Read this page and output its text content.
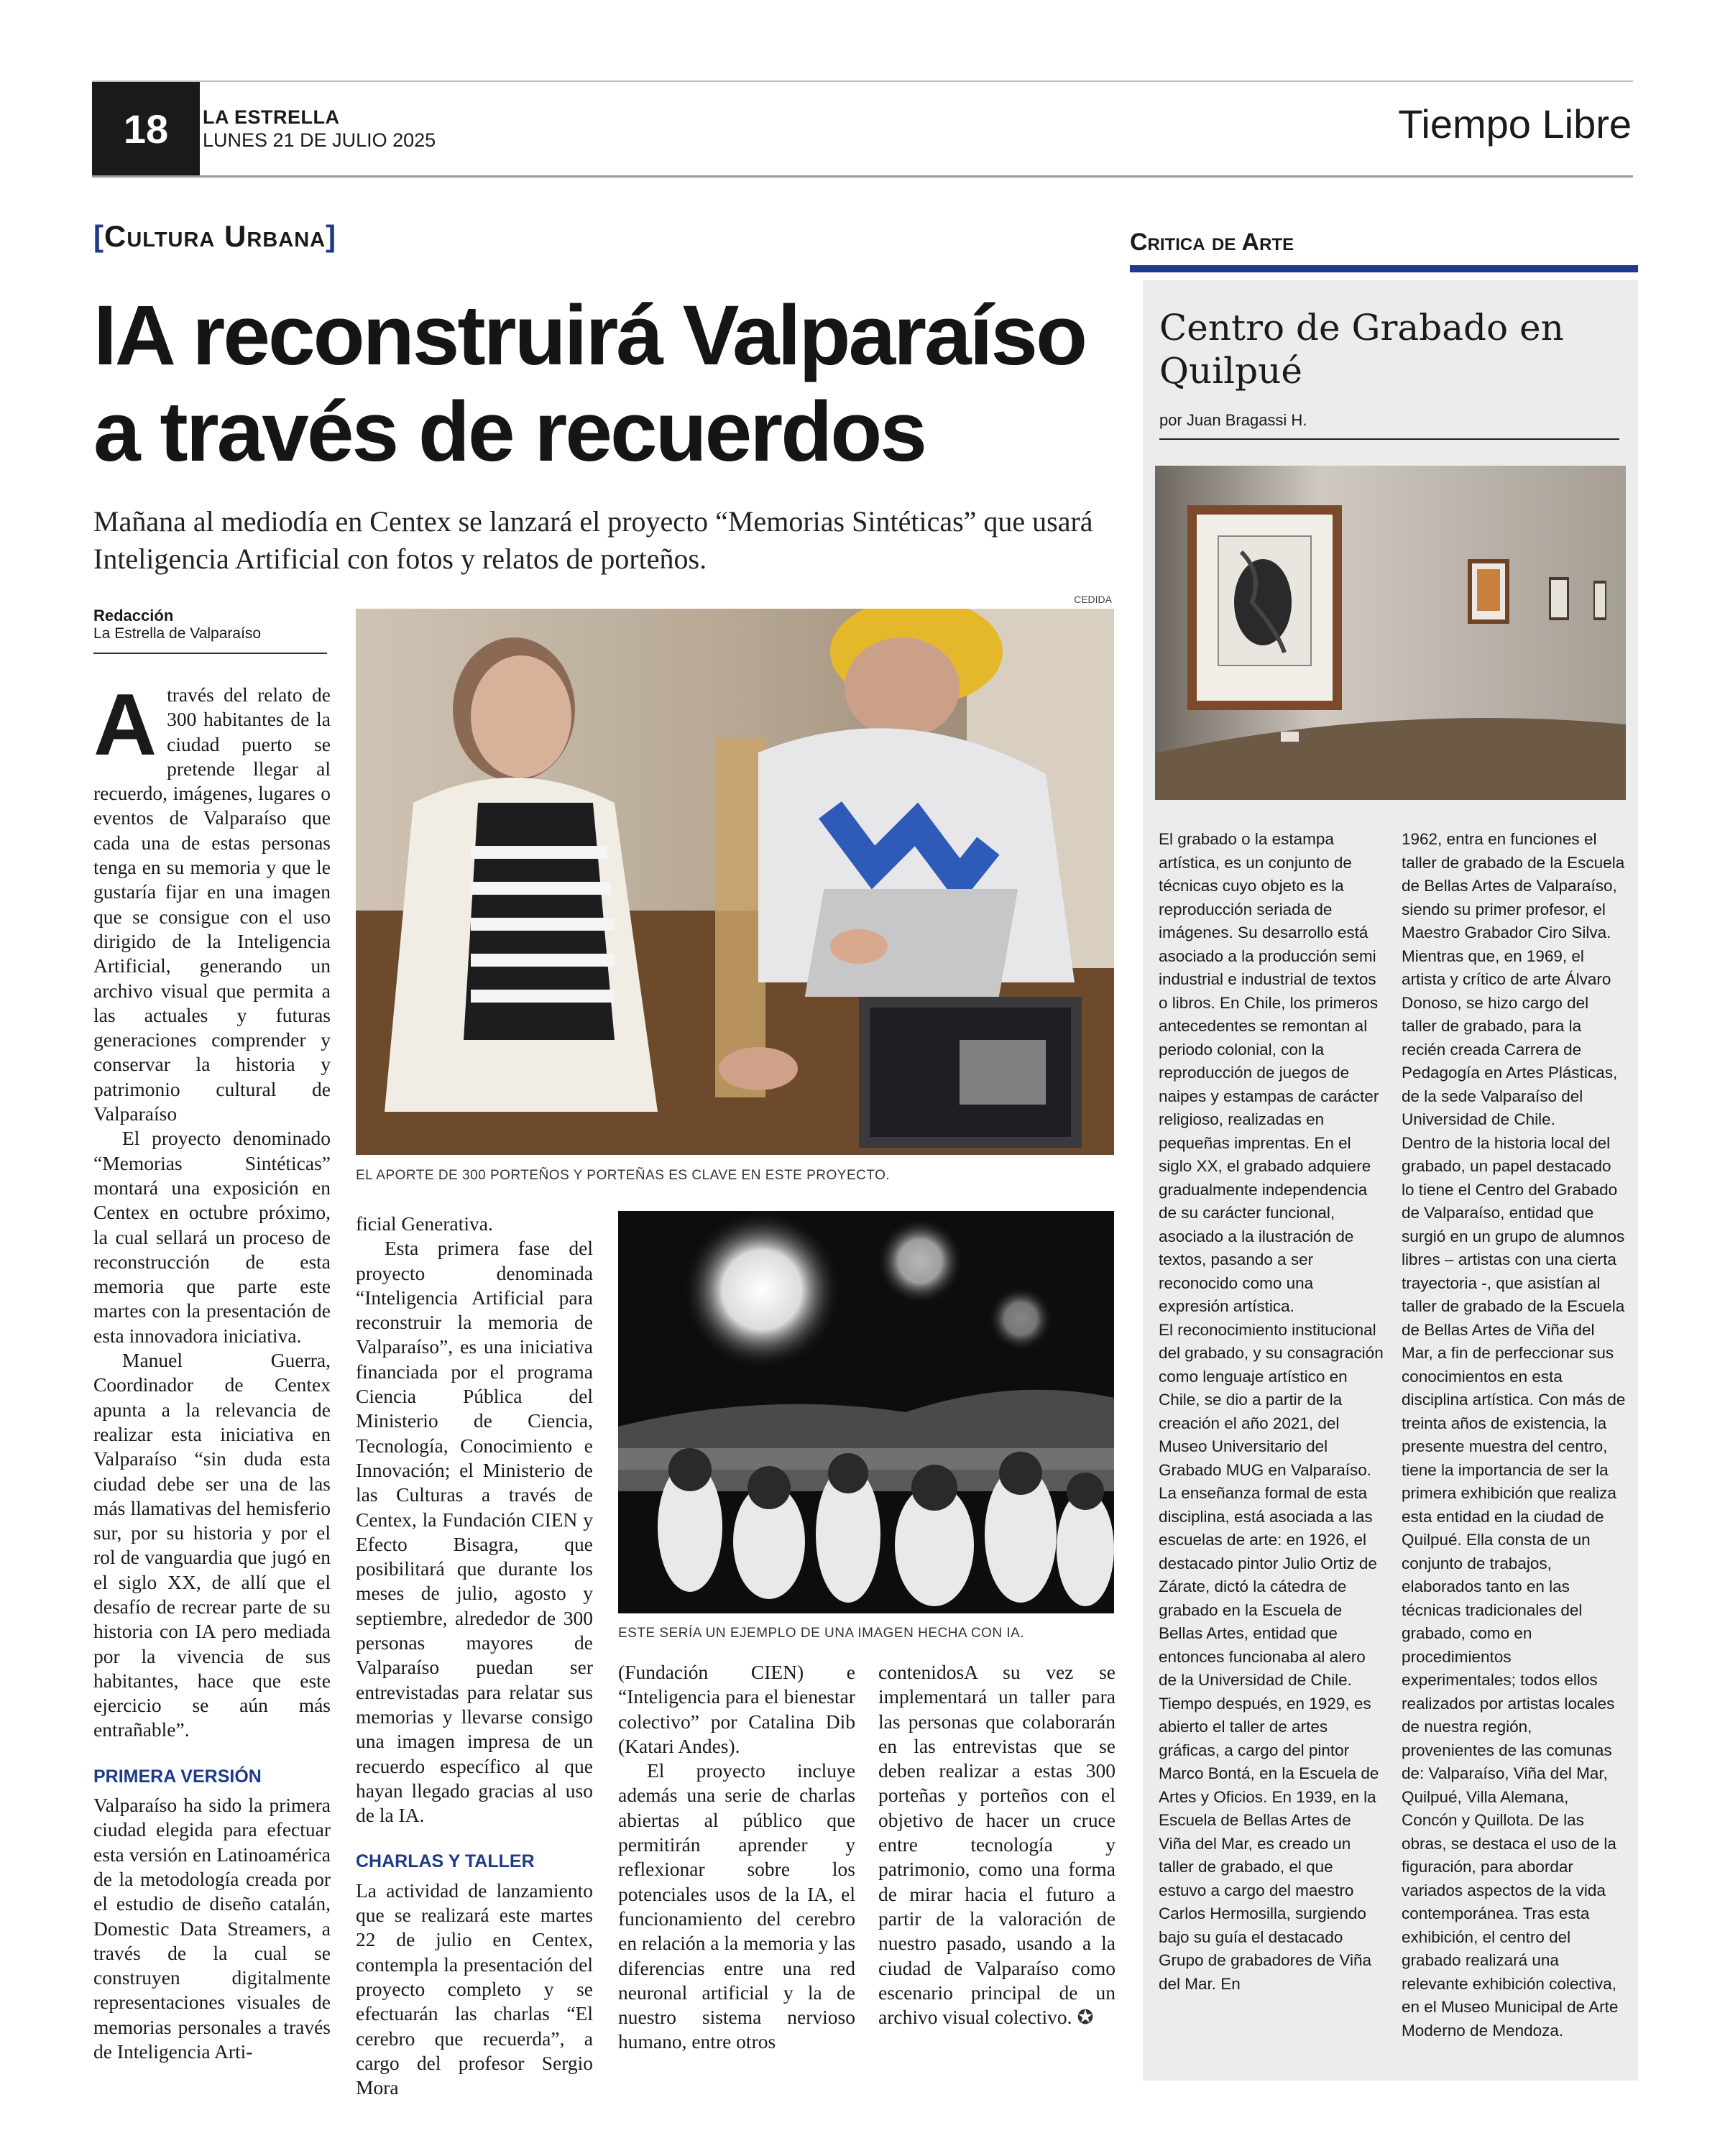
18	LA ESTRELLA
LUNES 21 DE JULIO 2025	Tiempo Libre
[Cultura Urbana]
IA reconstruirá Valparaíso a través de recuerdos
Mañana al mediodía en Centex se lanzará el proyecto “Memorias Sintéticas” que usará Inteligencia Artificial con fotos y relatos de porteños.
Redacción
La Estrella de Valparaíso
CEDIDA
EL APORTE DE 300 PORTEÑOS Y PORTEÑAS ES CLAVE EN ESTE PROYECTO.
ESTE SERÍA UN EJEMPLO DE UNA IMAGEN HECHA CON IA.

Através del relato de 300 habitantes de la ciudad puerto se pretende llegar al recuerdo, imágenes, lugares o eventos de Valparaíso que cada una de estas personas tenga en su memoria y que le gustaría fijar en una imagen que se consigue con el uso dirigido de la Inteligencia Artificial, generando un archivo visual que permita a las actuales y futuras generaciones comprender y conservar la historia y patrimonio cultural de Valparaíso

El proyecto denominado “Memorias Sintéticas” montará una exposición en Centex en octubre próximo, la cual sellará un proceso de reconstrucción de esta memoria que parte este martes con la presentación de esta innovadora iniciativa.

Manuel Guerra, Coordinador de Centex apunta a la relevancia de realizar esta iniciativa en Valparaíso “sin duda esta ciudad debe ser una de las más llamativas del hemisferio sur, por su historia y por el rol de vanguardia que jugó en el siglo XX, de allí que el desafío de recrear parte de su historia con IA pero mediada por la vivencia de sus habitantes, hace que este ejercicio se aún más entrañable”.

PRIMERA VERSIÓN

Valparaíso ha sido la primera ciudad elegida para efectuar esta versión en Latinoamérica de la metodología creada por el estudio de diseño catalán, Domestic Data Streamers, a través de la cual se construyen digitalmente representaciones visuales de memorias personales a través de Inteligencia Arti-

ficial Generativa.

Esta primera fase del proyecto denominada “Inteligencia Artificial para reconstruir la memoria de Valparaíso”, es una iniciativa financiada por el programa Ciencia Pública del Ministerio de Ciencia, Tecnología, Conocimiento e Innovación; el Ministerio de las Culturas a través de Centex, la Fundación CIEN y Efecto Bisagra, que posibilitará que durante los meses de julio, agosto y septiembre, alrededor de 300 personas mayores de Valparaíso puedan ser entrevistadas para relatar sus memorias y llevarse consigo una imagen impresa de un recuerdo específico al que hayan llegado gracias al uso de la IA.

CHARLAS Y TALLER

La actividad de lanzamiento que se realizará este martes 22 de julio en Centex, contempla la presentación del proyecto completo y se efectuarán las charlas “El cerebro que recuerda”, a cargo del profesor Sergio Mora

(Fundación CIEN) e “Inteligencia para el bienestar colectivo” por Catalina Dib (Katari Andes).

El proyecto incluye además una serie de charlas abiertas al público que permitirán aprender y reflexionar sobre los potenciales usos de la IA, el funcionamiento del cerebro en relación a la memoria y las diferencias entre una red neuronal artificial y la de nuestro sistema nervioso humano, entre otros

contenidosA su vez se implementará un taller para las personas que colaborarán en las entrevistas que se deben realizar a estas 300 porteñas y porteños con el objetivo de hacer un cruce entre tecnología y patrimonio, como una forma de mirar hacia el futuro a partir de la valoración de nuestro pasado, usando a la ciudad de Valparaíso como escenario principal de un archivo visual colectivo. ✪

Critica de Arte
Centro de Grabado en Quilpué
por Juan Bragassi H.

El grabado o la estampa artística, es un conjunto de técnicas cuyo objeto es la reproducción seriada de imágenes. Su desarrollo está asociado a la producción semi industrial e industrial de textos o libros. En Chile, los primeros antecedentes se remontan al periodo colonial, con la reproducción de juegos de naipes y estampas de carácter religioso, realizadas en pequeñas imprentas. En el siglo XX, el grabado adquiere gradualmente independencia de su carácter funcional, asociado a la ilustración de textos, pasando a ser reconocido como una expresión artística.

El reconocimiento institucional del grabado, y su consagración como lenguaje artístico en Chile, se dio a partir de la creación el año 2021, del Museo Universitario del Grabado MUG en Valparaíso.

La enseñanza formal de esta disciplina, está asociada a las escuelas de arte: en 1926, el destacado pintor Julio Ortiz de Zárate, dictó la cátedra de grabado en la Escuela de Bellas Artes, entidad que entonces funcionaba al alero de la Universidad de Chile. Tiempo después, en 1929, es abierto el taller de artes gráficas, a cargo del pintor Marco Bontá, en la Escuela de Artes y Oficios. En 1939, en la Escuela de Bellas Artes de Viña del Mar, es creado un taller de grabado, el que estuvo a cargo del maestro Carlos Hermosilla, surgiendo bajo su guía el destacado Grupo de grabadores de Viña del Mar. En

1962, entra en funciones el taller de grabado de la Escuela de Bellas Artes de Valparaíso, siendo su primer profesor, el Maestro Grabador Ciro Silva. Mientras que, en 1969, el artista y crítico de arte Álvaro Donoso, se hizo cargo del taller de grabado, para la recién creada Carrera de Pedagogía en Artes Plásticas, de la sede Valparaíso del Universidad de Chile.

Dentro de la historia local del grabado, un papel destacado lo tiene el Centro del Grabado de Valparaíso, entidad que surgió en un grupo de alumnos libres – artistas con una cierta trayectoria -, que asistían al taller de grabado de la Escuela de Bellas Artes de Viña del Mar, a fin de perfeccionar sus conocimientos en esta disciplina artística. Con más de treinta años de existencia, la presente muestra del centro, tiene la importancia de ser la primera exhibición que realiza esta entidad en la ciudad de Quilpué. Ella consta de un conjunto de trabajos, elaborados tanto en las técnicas tradicionales del grabado, como en procedimientos experimentales; todos ellos realizados por artistas locales de nuestra región, provenientes de las comunas de: Valparaíso, Viña del Mar, Quilpué, Villa Alemana, Concón y Quillota. De las obras, se destaca el uso de la figuración, para abordar variados aspectos de la vida contemporánea. Tras esta exhibición, el centro del grabado realizará una relevante exhibición colectiva, en el Museo Municipal de Arte Moderno de Mendoza.
